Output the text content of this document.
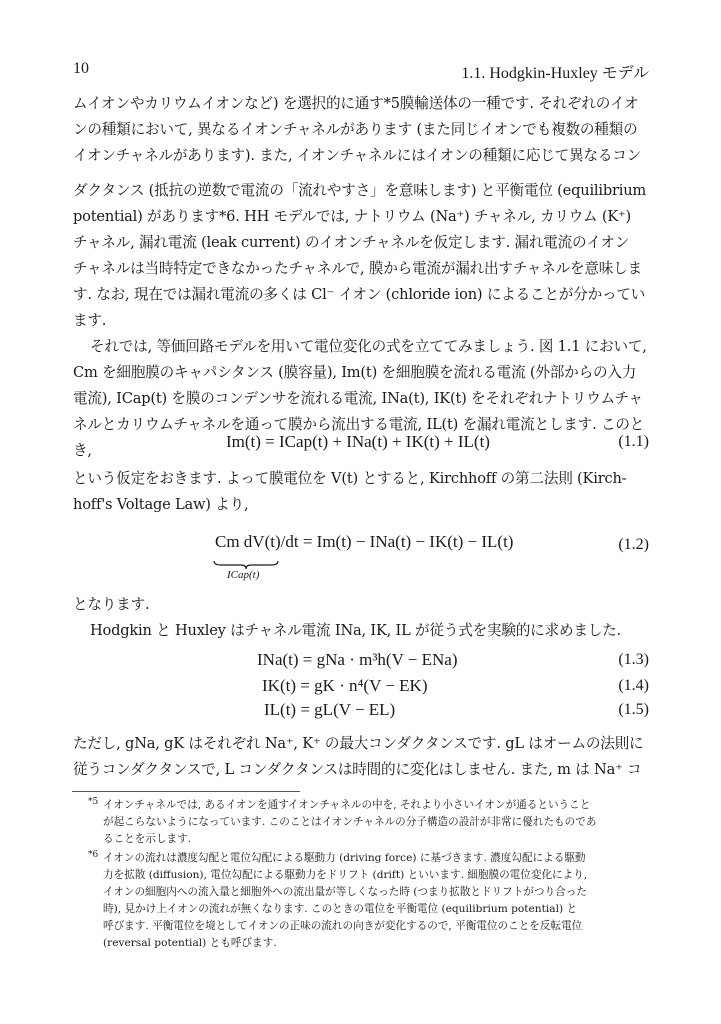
10	1.1. Hodgkin-Huxley モデル
ムイオンやカリウムイオンなど) を選択的に通す*5膜輸送体の一種です. それぞれのイオ
ンの種類において, 異なるイオンチャネルがあります (また同じイオンでも複数の種類の
イオンチャネルがあります). また, イオンチャネルにはイオンの種類に応じて異なるコン
ダクタンス (抵抗の逆数で電流の「流れやすさ」を意味します) と平衡電位 (equilibrium
potential) があります*6. HH モデルでは, ナトリウム (Na⁺) チャネル, カリウム (K⁺)
チャネル, 漏れ電流 (leak current) のイオンチャネルを仮定します. 漏れ電流のイオン
チャネルは当時特定できなかったチャネルで, 膜から電流が漏れ出すチャネルを意味しま
す. なお, 現在では漏れ電流の多くは Cl⁻ イオン (chloride ion) によることが分かってい
ます.
それでは, 等価回路モデルを用いて電位変化の式を立ててみましょう. 図 1.1 において,
Cm を細胞膜のキャパシタンス (膜容量), Im(t) を細胞膜を流れる電流 (外部からの入力
電流), ICap(t) を膜のコンデンサを流れる電流, INa(t), IK(t) をそれぞれナトリウムチャ
ネルとカリウムチャネルを通って膜から流出する電流, IL(t) を漏れ電流とします. このと
き,	Im(t) = ICap(t) + INa(t) + IK(t) + IL(t)	(1.1)
という仮定をおきます. よって膜電位を V(t) とすると, Kirchhoff の第二法則 (Kirch-
hoff's Voltage Law) より,
Cm dV(t)/dt = Im(t) − INa(t) − IK(t) − IL(t)
ICap(t)
(1.2)
となります.
Hodgkin と Huxley はチャネル電流 INa, IK, IL が従う式を実験的に求めました.
INa(t) = gNa · m³h(V − ENa)	(1.3)
IK(t) = gK · n⁴(V − EK)	(1.4)
IL(t) = gL(V − EL)	(1.5)
ただし, gNa, gK はそれぞれ Na⁺, K⁺ の最大コンダクタンスです. gL はオームの法則に
従うコンダクタンスで, L コンダクタンスは時間的に変化はしません. また, m は Na⁺ コ
*5 イオンチャネルでは, あるイオンを通すイオンチャネルの中を, それより小さいイオンが通るということ
が起こらないようになっています. このことはイオンチャネルの分子構造の設計が非常に優れたものであ
ることを示します.
*6 イオンの流れは濃度勾配と電位勾配による駆動力 (driving force) に基づきます. 濃度勾配による駆動
力を拡散 (diffusion), 電位勾配による駆動力をドリフト (drift) といいます. 細胞膜の電位変化により,
イオンの細胞内への流入量と細胞外への流出量が等しくなった時 (つまり拡散とドリフトがつり合った
時), 見かけ上イオンの流れが無くなります. このときの電位を平衡電位 (equilibrium potential) と
呼びます. 平衡電位を境としてイオンの正味の流れの向きが変化するので, 平衡電位のことを反転電位
(reversal potential) とも呼びます.
